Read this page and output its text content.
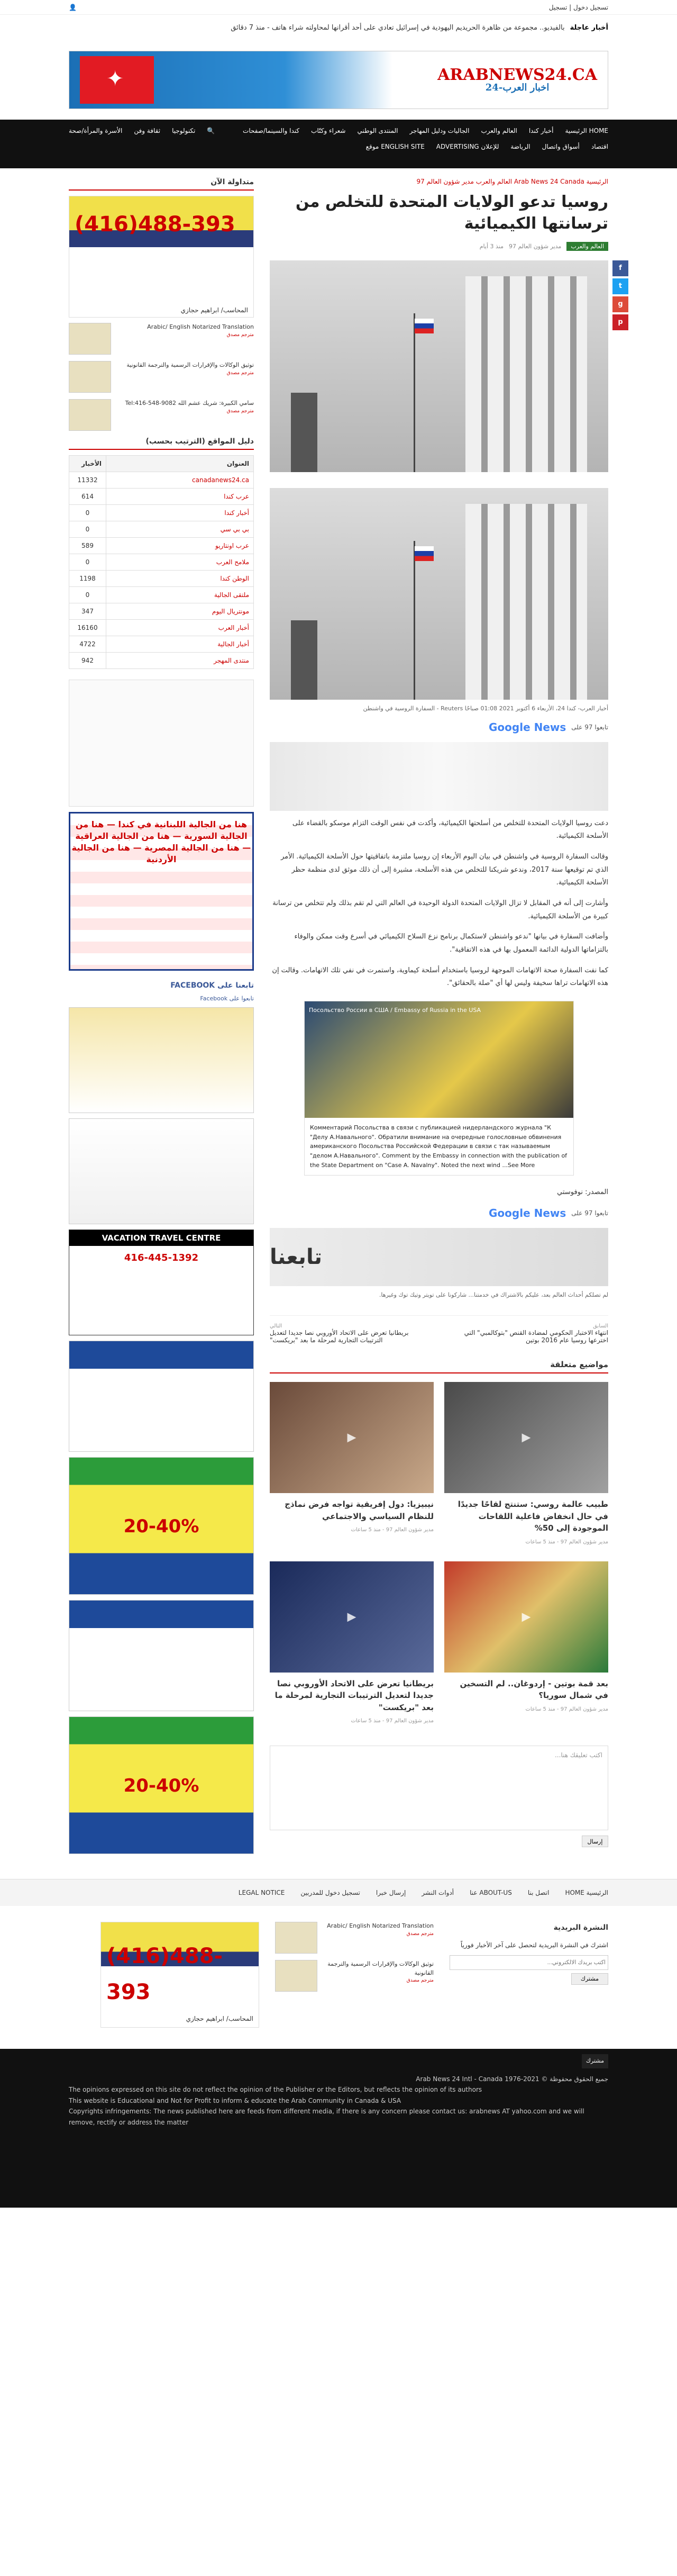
تسجيل دخول | تسجيل
👤
أخبار عاجلة
بالفيديو.. مجموعة من ظاهرة الحريديم اليهودية في إسرائيل تعادي على أحد أقرانها لمحاولته شراء هاتف - منذ 7 دقائق
ARABNEWS24.CA
اخبار العرب-24
✦
HOME الرئيسية
أخبار كندا
العالم والعرب
الجاليات ودليل المهاجر
المنتدى الوطني
شعراء وكتّاب
كندا والسينما/صفحات
🔍
تكنولوجيا
ثقافة وفن
الأسرة والمرأة/صحة
اقتصاد
أسواق واتصال
الرياضة
للإعلان ADVERTISING
ENGLISH SITE موقع
الرئيسية Arab News 24 Canada العالم والعرب مدير شؤون العالم 97
روسيا تدعو الولايات المتحدة للتخلص من ترسانتها الكيميائية
العالم والعرب
مدير شؤون العالم 97
منذ 3 أيام
f
t
g
p
أخبار العرب- كندا 24، الأربعاء 6 أكتوبر 2021 01:08 صباحًا Reuters - السفارة الروسية في واشنطن
تابعوا 97 على
Google News

دعت روسيا الولايات المتحدة للتخلص من أسلحتها الكيميائية، وأكدت في نفس الوقت التزام موسكو بالقضاء على الأسلحة الكيميائية.

وقالت السفارة الروسية في واشنطن في بيان اليوم الأربعاء إن روسيا ملتزمة باتفاقيتها حول الأسلحة الكيميائية. الأمر الذي تم توقيعها سنة 2017، وندعو شريكنا للتخلص من هذه الأسلحة، مشيرة إلى أن ذلك موثق لدى منظمة حظر الأسلحة الكيميائية.

وأشارت إلى أنه في المقابل لا تزال الولايات المتحدة الدولة الوحيدة في العالم التي لم تقم بذلك ولم تتخلص من ترسانة كبيرة من الأسلحة الكيميائية.

وأضافت السفارة في بيانها "ندعو واشنطن لاستكمال برنامج نزع السلاح الكيميائي في أسرع وقت ممكن والوفاء بالتزاماتها الدولية الدائمة المعمول بها في هذه الاتفاقية".

كما نفت السفارة صحة الاتهامات الموجهة لروسيا باستخدام أسلحة كيماوية، واستمرت في نفي تلك الاتهامات. وقالت إن هذه الاتهامات تراها سخيفة وليس لها أي "صلة بالحقائق".

Посольство России в США / Embassy of Russia in the USA
Комментарий Посольства в связи с публикацией нидерландского журнала "К "Делу А.Навального". Обратили внимание на очередные голословные обвинения американского Посольства Российской Федерации в связи с так называемым "делом А.Навального". Comment by the Embassy in connection with the publication of the State Department on "Case A. Navalny". Noted the next wind ...See More

المصدر: نوفوستي

تابعوا 97 على
Google News
تابعنا
لم تصلكم أحداث العالم بعد، عليكم بالاشتراك في خدمتنا... شاركونا على تويتر وتيك توك وغيرها.
السابق
انتهاء الاختبار الحكومي لمضادة القنص "بتوكالمبي" التي اخترعها روسيا عام 2016 بوتين
التالي
بريطانيا تعرض على الاتحاد الأوروبي نصا جديدا لتعديل الترتيبات التجارية لمرحلة ما بعد "بريكست"
مواضيع متعلقة
▶
طبيب عالمة روسي: ستنتج لقاحًا جديدًا في حال انخفاض فاعلية اللقاحات الموجودة إلى 50%
مدير شؤون العالم 97 - منذ 5 ساعات
▶
نيبيزيا: دول إفريقية تواجه فرض نماذج للنظام السياسي والاجتماعي
مدير شؤون العالم 97 - منذ 5 ساعات
▶
بعد قمة بوتين - إردوغان.. لم التسخين في شمال سوريا؟
مدير شؤون العالم 97 - منذ 5 ساعات
▶
بريطانيا تعرض على الاتحاد الأوروبي نصا جديدا لتعديل الترتيبات التجارية لمرحلة ما بعد "بريكست"
مدير شؤون العالم 97 - منذ 5 ساعات
اكتب تعليقك هنا...
إرسال
متداولة الآن
(416)488-393
المحاسب/ ابراهيم حجازي
Arabic/ English Notarized Translation
مترجم مصدق
توثيق الوكالات والإقرارات الرسمية والترجمة القانونية
مترجم مصدق
سامي الكبيرة: شريك عشم الله Tel:416-548-9082
مترجم مصدق
دليل المواقع (الترتيب بحسب)
العنوان	الأخبار
canadanews24.ca	11332
عرب كندا	614
أخبار كندا	0
بي بي سي	0
عرب اونتاريو	589
ملامح العرب	0
الوطن كندا	1198
ملتقى الجالية	0
مونتريال اليوم	347
أخبار العرب	16160
أخبار الجالية	4722
منتدى المهجر	942
هنا من الجالية اللبنانية في كندا — هنا من الجالية السورية — هنا من الجالية العراقية — هنا من الجالية المصرية — هنا من الجالية الأردنية
تابعنا على FACEBOOK
تابعوا على Facebook
VACATION TRAVEL CENTRE
416-445-1392
20-40%
20-40%
الرئيسية HOME
اتصل بنا
ABOUT-US عنا
أدوات النشر
إرسال خبرا
تسجيل دخول للمدربين
LEGAL NOTICE
النشرة البريدية
اشترك في النشرة البريدية لتحصل على آخر الأخبار فورياً
اكتب بريدك الالكتروني... مشترك
Arabic/ English Notarized Translation
مترجم مصدق
توثيق الوكالات والإقرارات الرسمية والترجمة القانونية
مترجم مصدق
(416)488-393
المحاسب/ ابراهيم حجازي
مشترك
جميع الحقوق محفوظة © 2021-1976 Arab News 24 Intl - Canada
The opinions expressed on this site do not reflect the opinion of the Publisher or the Editors, but reflects the opinion of its authors
This website is Educational and Not for Profit to inform & educate the Arab Community in Canada & USA
Copyrights infringements: The news published here are feeds from different media, if there is any concern please contact us: arabnews AT yahoo.com and we will remove, rectify or address the matter
